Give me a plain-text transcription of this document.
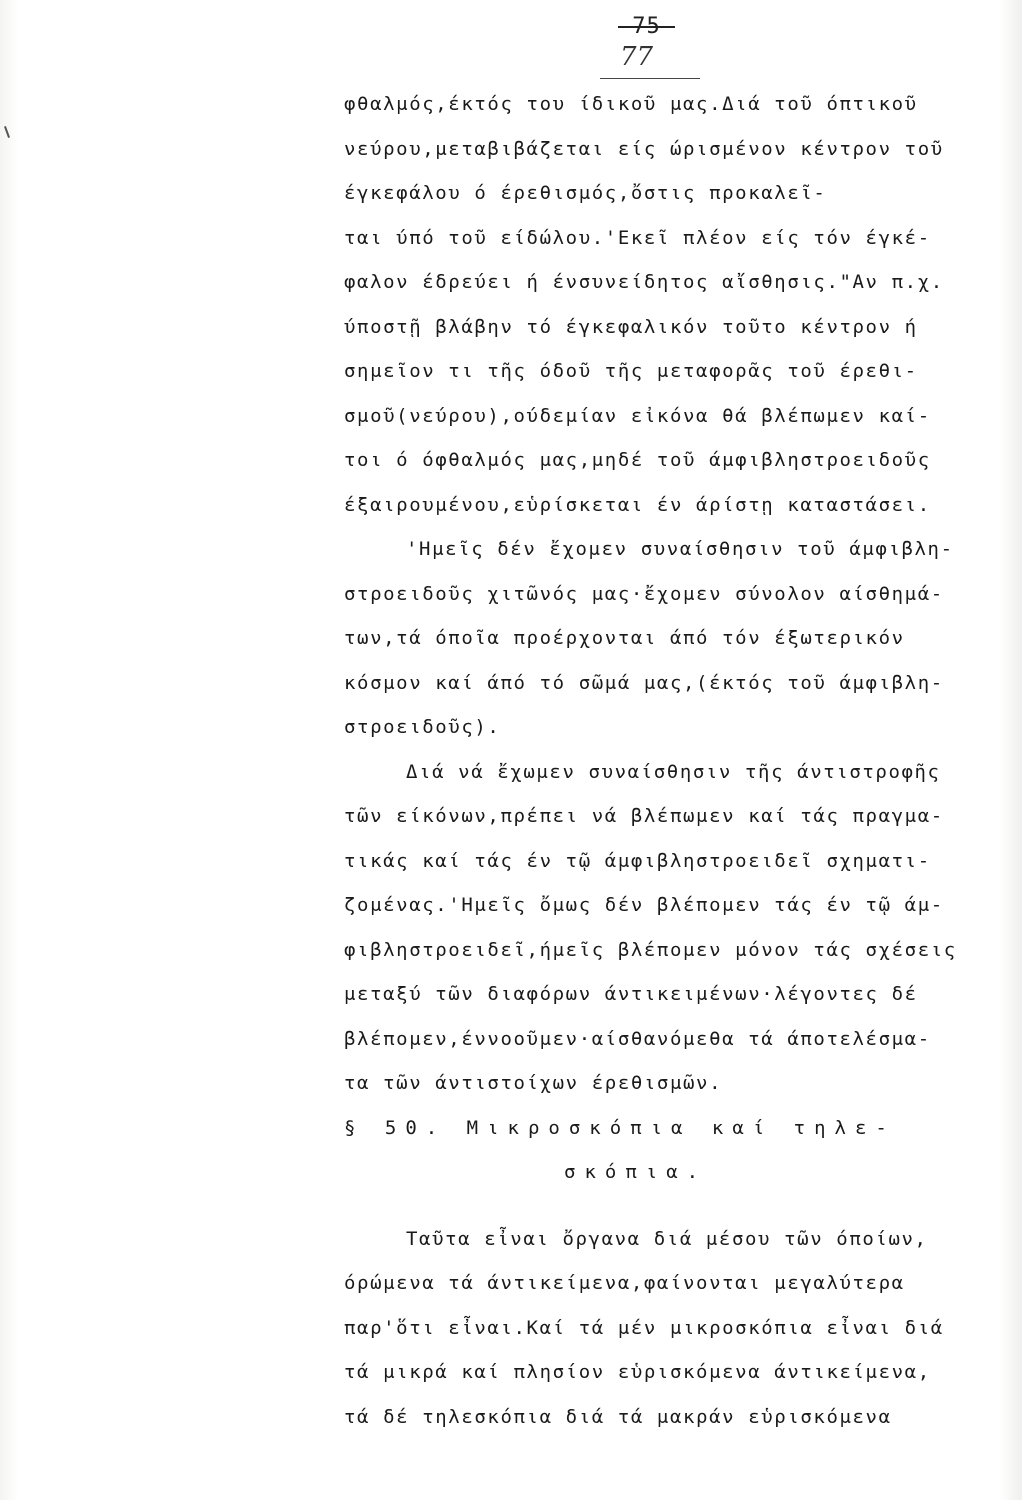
-75-
77
φθαλμός,έκτός του ίδικοῦ μας.Διά τοῦ όπτικοῦ
νεύρου,μεταβιβάζεται είς ώρισμένον κέντρον τοῦ
έγκεφάλου ό έρεθισμός,ὄστις προκαλεῖ-
ται ύπό τοῦ είδώλου.'Εκεῖ πλέον είς τόν έγκέ-
φαλον έδρεύει ή ένσυνείδητος αἴσθησις."Αν π.χ.
ύποστῇ βλάβην τό έγκεφαλικόν τοῦτο κέντρον ή
σημεῖον τι τῆς όδοῦ τῆς μεταφορᾶς τοῦ έρεθι-
σμοῦ(νεύρου),ούδεμίαν εἰκόνα θά βλέπωμεν καί-
τοι ό όφθαλμός μας,μηδέ τοῦ άμφιβληστροειδοῦς
έξαιρουμένου,εὑρίσκεται έν άρίστῃ καταστάσει.
'Ημεῖς δέν ἔχομεν συναίσθησιν τοῦ άμφιβλη-
στροειδοῦς χιτῶνός μας·ἔχομεν σύνολον αίσθημά-
των,τά όποῖα προέρχονται άπό τόν έξωτερικόν
κόσμον καί άπό τό σῶμά μας,(έκτός τοῦ άμφιβλη-
στροειδοῦς).
Διά νά ἔχωμεν συναίσθησιν τῆς άντιστροφῆς
τῶν είκόνων,πρέπει νά βλέπωμεν καί τάς πραγμα-
τικάς καί τάς έν τῷ άμφιβληστροειδεῖ σχηματι-
ζομένας.'Ημεῖς ὄμως δέν βλέπομεν τάς έν τῷ άμ-
φιβληστροειδεῖ,ήμεῖς βλέπομεν μόνον τάς σχέσεις
μεταξύ τῶν διαφόρων άντικειμένων·λέγοντες δέ
βλέπομεν,έννοοῦμεν·αίσθανόμεθα τά άποτελέσμα-
τα τῶν άντιστοίχων έρεθισμῶν.
§ 50. Μικροσκόπια καί τηλε-
σκόπια.
Ταῦτα εἶναι ὄργανα διά μέσου τῶν όποίων,
όρώμενα τά άντικείμενα,φαίνονται μεγαλύτερα
παρ'ὅτι εἶναι.Καί τά μέν μικροσκόπια εἶναι διά
τά μικρά καί πλησίον εὑρισκόμενα άντικείμενα,
τά δέ τηλεσκόπια διά τά μακράν εὑρισκόμενα
